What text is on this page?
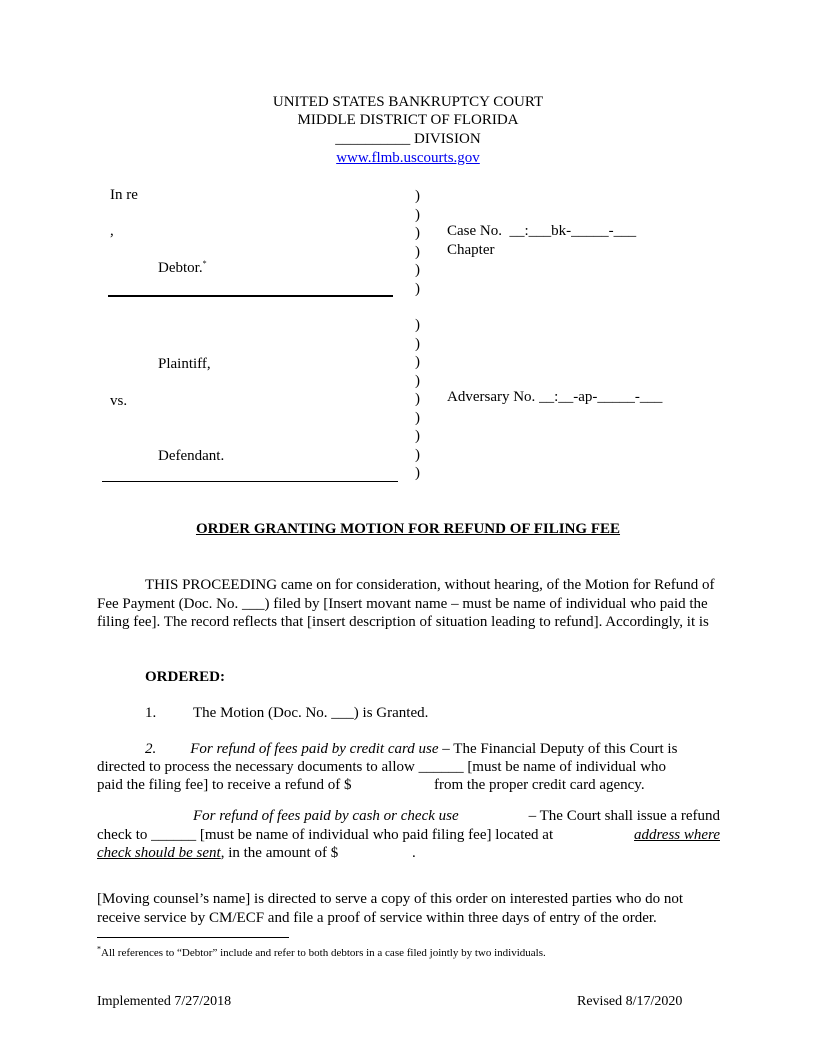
UNITED STATES BANKRUPTCY COURT
MIDDLE DISTRICT OF FLORIDA
__________ DIVISION
www.flmb.uscourts.gov
In re
,
Debtor.*
Plaintiff,
vs.
Defendant.
)
)
)
)
)
)
)
)
)
)
)
)
)
)
)
Case No. __:___bk-_____-___
Chapter
Adversary No. __:__-ap-_____-___
ORDER GRANTING MOTION FOR REFUND OF FILING FEE
THIS PROCEEDING came on for consideration, without hearing, of the Motion for Refund of Fee Payment (Doc. No. ___) filed by [Insert movant name – must be name of individual who paid the filing fee]. The record reflects that [insert description of situation leading to refund]. Accordingly, it is
ORDERED:
1. The Motion (Doc. No. ___) is Granted.
2. For refund of fees paid by credit card use – The Financial Deputy of this Court is
directed to process the necessary documents to allow ______ [must be name of individual who
paid the filing fee] to receive a refund of $	from the proper credit card agency.
For refund of fees paid by cash or check use	– The Court shall issue a refund
check to ______ [must be name of individual who paid filing fee] located at	address where
check should be sent, in the amount of $	.
[Moving counsel’s name] is directed to serve a copy of this order on interested parties who do not receive service by CM/ECF and file a proof of service within three days of entry of the order.
*All references to “Debtor” include and refer to both debtors in a case filed jointly by two individuals.
Implemented 7/27/2018	Revised 8/17/2020
